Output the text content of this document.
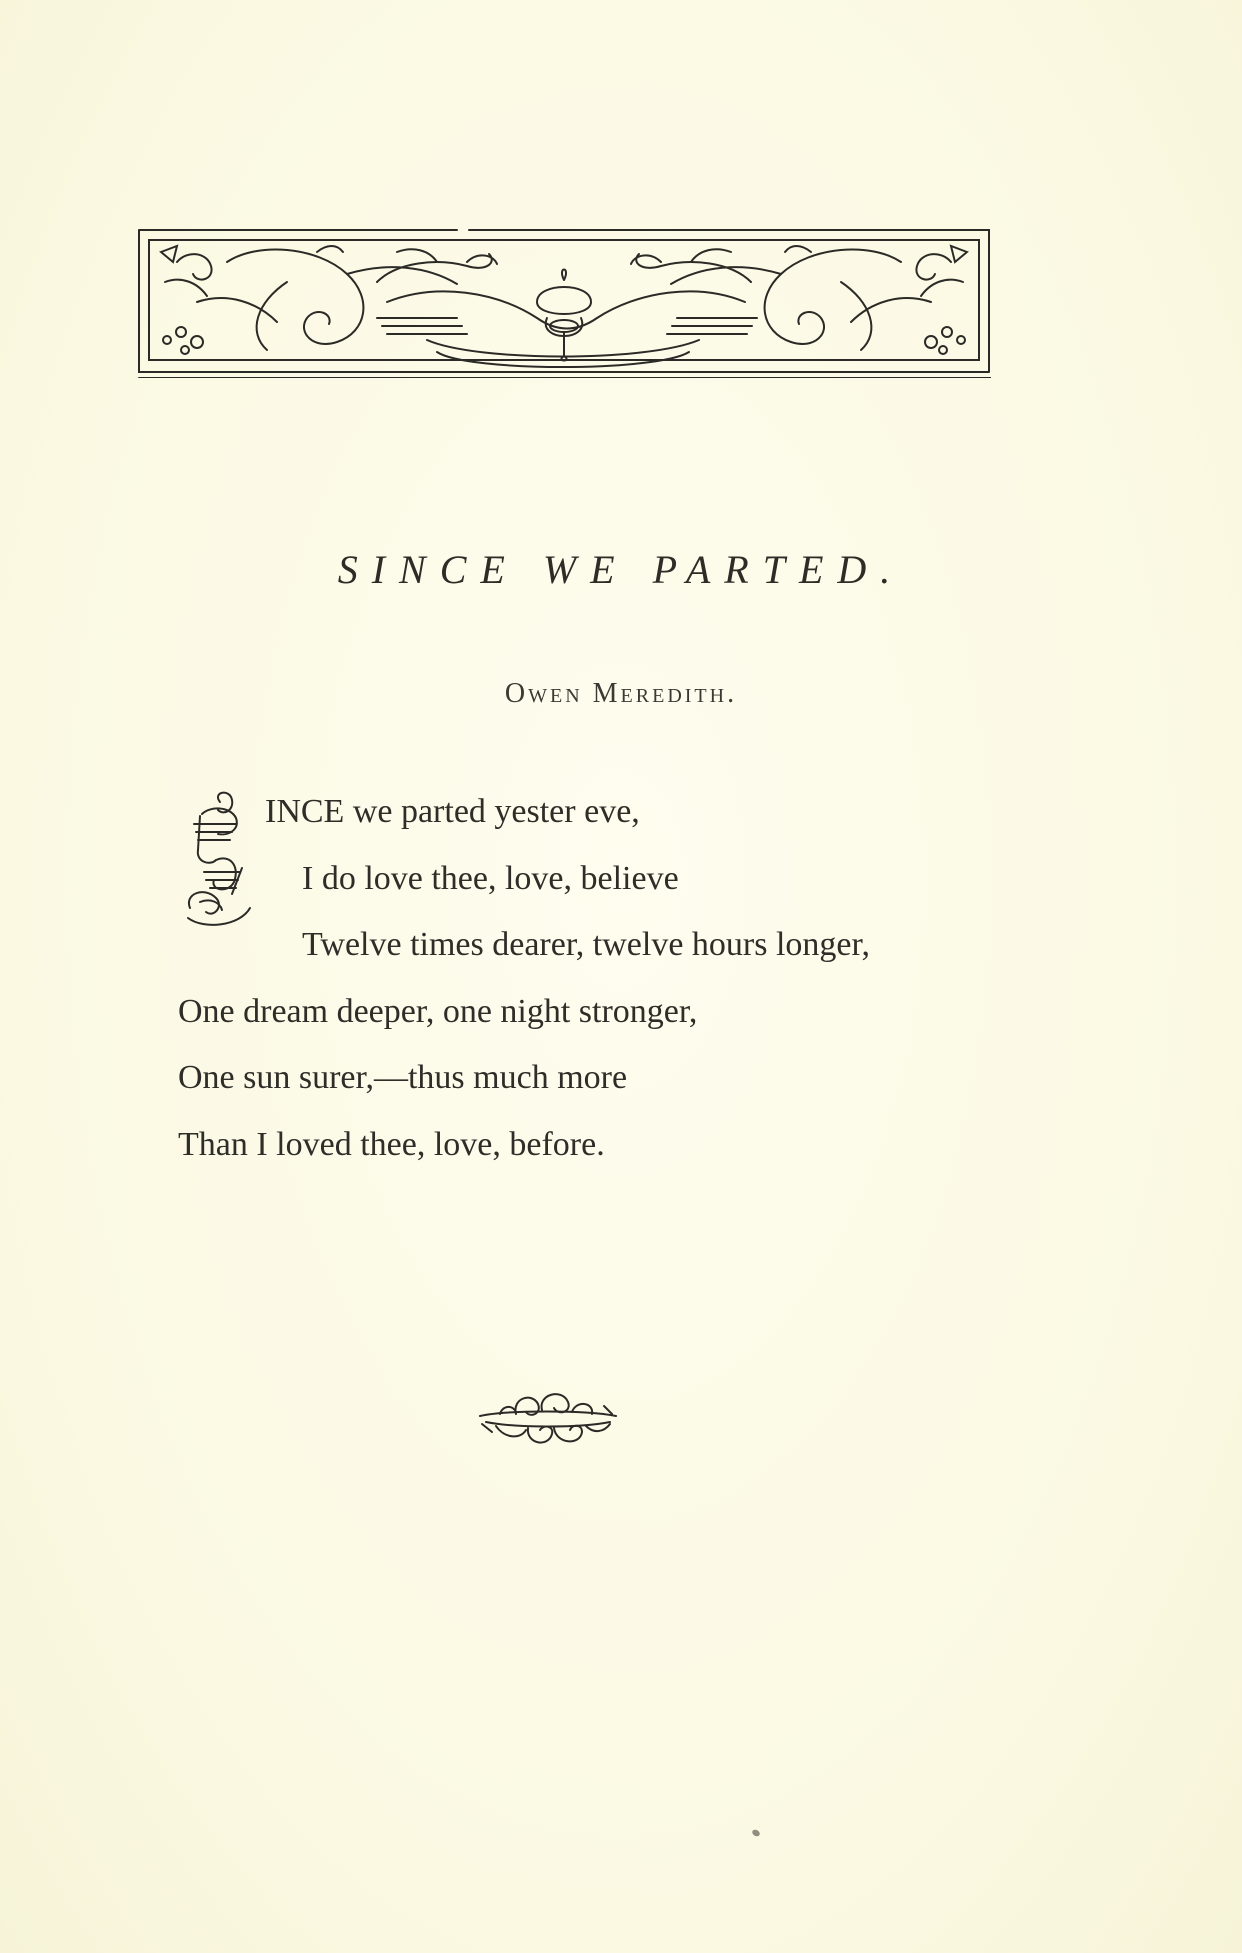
SINCE WE PARTED.
Owen Meredith.
INCE we parted yester eve,
I do love thee, love, believe
Twelve times dearer, twelve hours longer,
One dream deeper, one night stronger,
One sun surer,—thus much more
Than I loved thee, love, before.
